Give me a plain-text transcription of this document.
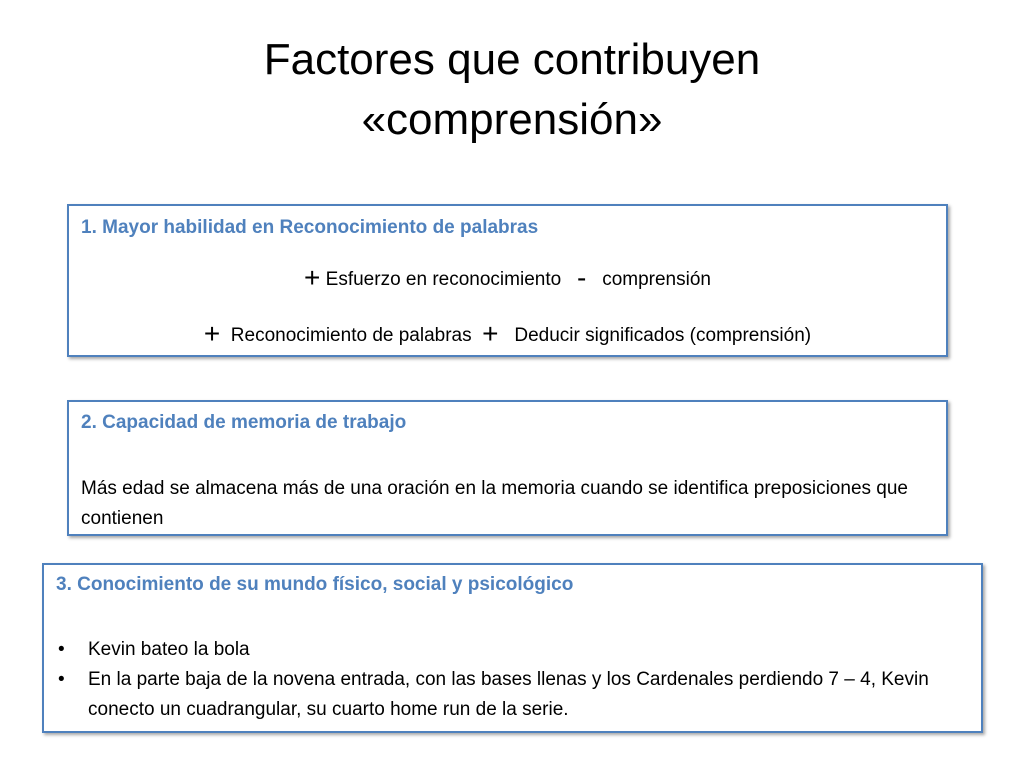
Factores que contribuyen
«comprensión»
1. Mayor habilidad en Reconocimiento de palabras
+ Esfuerzo en reconocimiento - comprensión
+ Reconocimiento de palabras + Deducir significados (comprensión)
2. Capacidad de memoria de trabajo
Más edad se almacena más de una oración en la memoria cuando se identifica preposiciones que contienen
3. Conocimiento de su mundo físico, social y psicológico
• Kevin bateo la bola
• En la parte baja de la novena entrada, con las bases llenas y los Cardenales perdiendo 7 – 4, Kevin conecto un cuadrangular, su cuarto home run de la serie.
